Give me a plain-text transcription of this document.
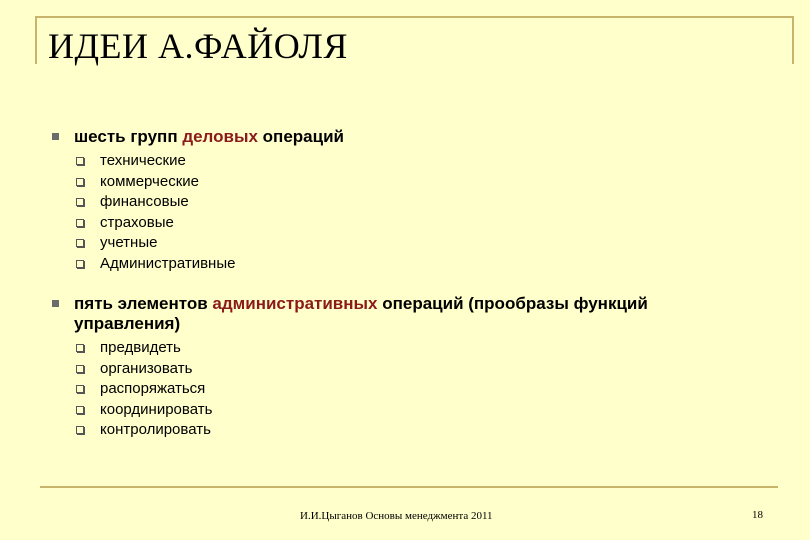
ИДЕИ А.ФАЙОЛЯ
шесть групп деловых операций
технические
коммерческие
финансовые
страховые
учетные
Административные
пять элементов административных операций (прообразы функций управления)
предвидеть
организовать
распоряжаться
координировать
контролировать
И.И.Цыганов Основы менеджмента 2011	18
